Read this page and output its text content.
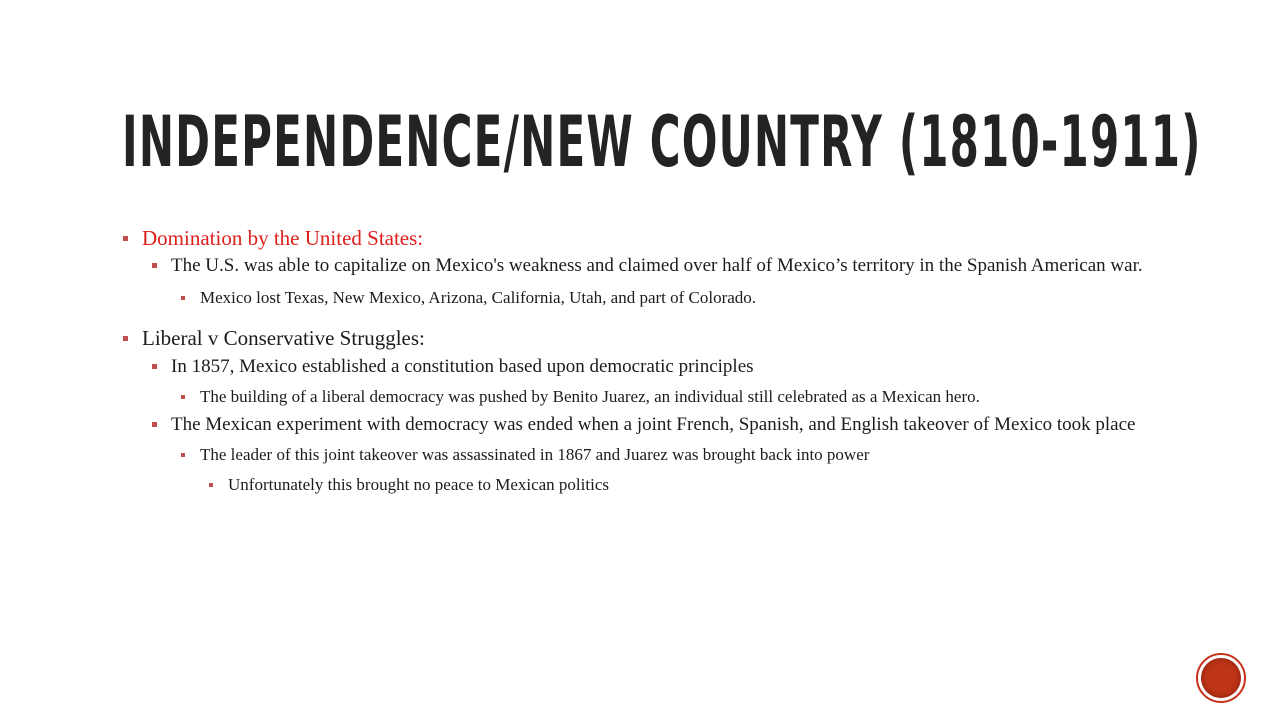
INDEPENDENCE/NEW COUNTRY (1810-1911)
Domination by the United States:
The U.S. was able to capitalize on Mexico's weakness and claimed over half of Mexico’s territory in the Spanish American war.
Mexico lost Texas, New Mexico, Arizona, California, Utah, and part of Colorado.
Liberal v Conservative Struggles:
In 1857, Mexico established a constitution based upon democratic principles
The building of a liberal democracy was pushed by Benito Juarez, an individual still celebrated as a Mexican hero.
The Mexican experiment with democracy was ended when a joint French, Spanish, and English takeover of Mexico took place
The leader of this joint takeover was assassinated in 1867 and Juarez was brought back into power
Unfortunately this brought no peace to Mexican politics
